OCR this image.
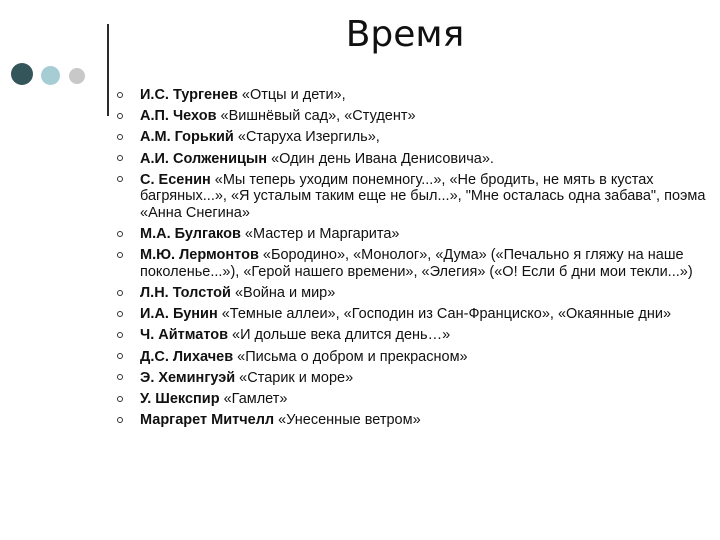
Время
И.С. Тургенев «Отцы и дети»,
А.П. Чехов «Вишнёвый сад», «Студент»
А.М. Горький «Старуха Изергиль»,
А.И. Солженицын «Один день Ивана Денисовича».
С. Есенин «Мы теперь уходим понемногу...», «Не бродить, не мять в кустах багряных...», «Я усталым таким еще не был...», "Мне осталась одна забава", поэма «Анна Снегина»
М.А. Булгаков «Мастер и Маргарита»
М.Ю. Лермонтов «Бородино», «Монолог», «Дума» («Печально я гляжу на наше поколенье...»), «Герой нашего времени», «Элегия» («О! Если б дни мои текли...»)
Л.Н. Толстой «Война и мир»
И.А. Бунин «Темные аллеи», «Господин из Сан-Франциско», «Окаянные дни»
Ч. Айтматов «И дольше века длится день…»
Д.С. Лихачев «Письма о добром и прекрасном»
Э. Хемингуэй «Старик и море»
У. Шекспир «Гамлет»
Маргарет Митчелл «Унесенные ветром»
